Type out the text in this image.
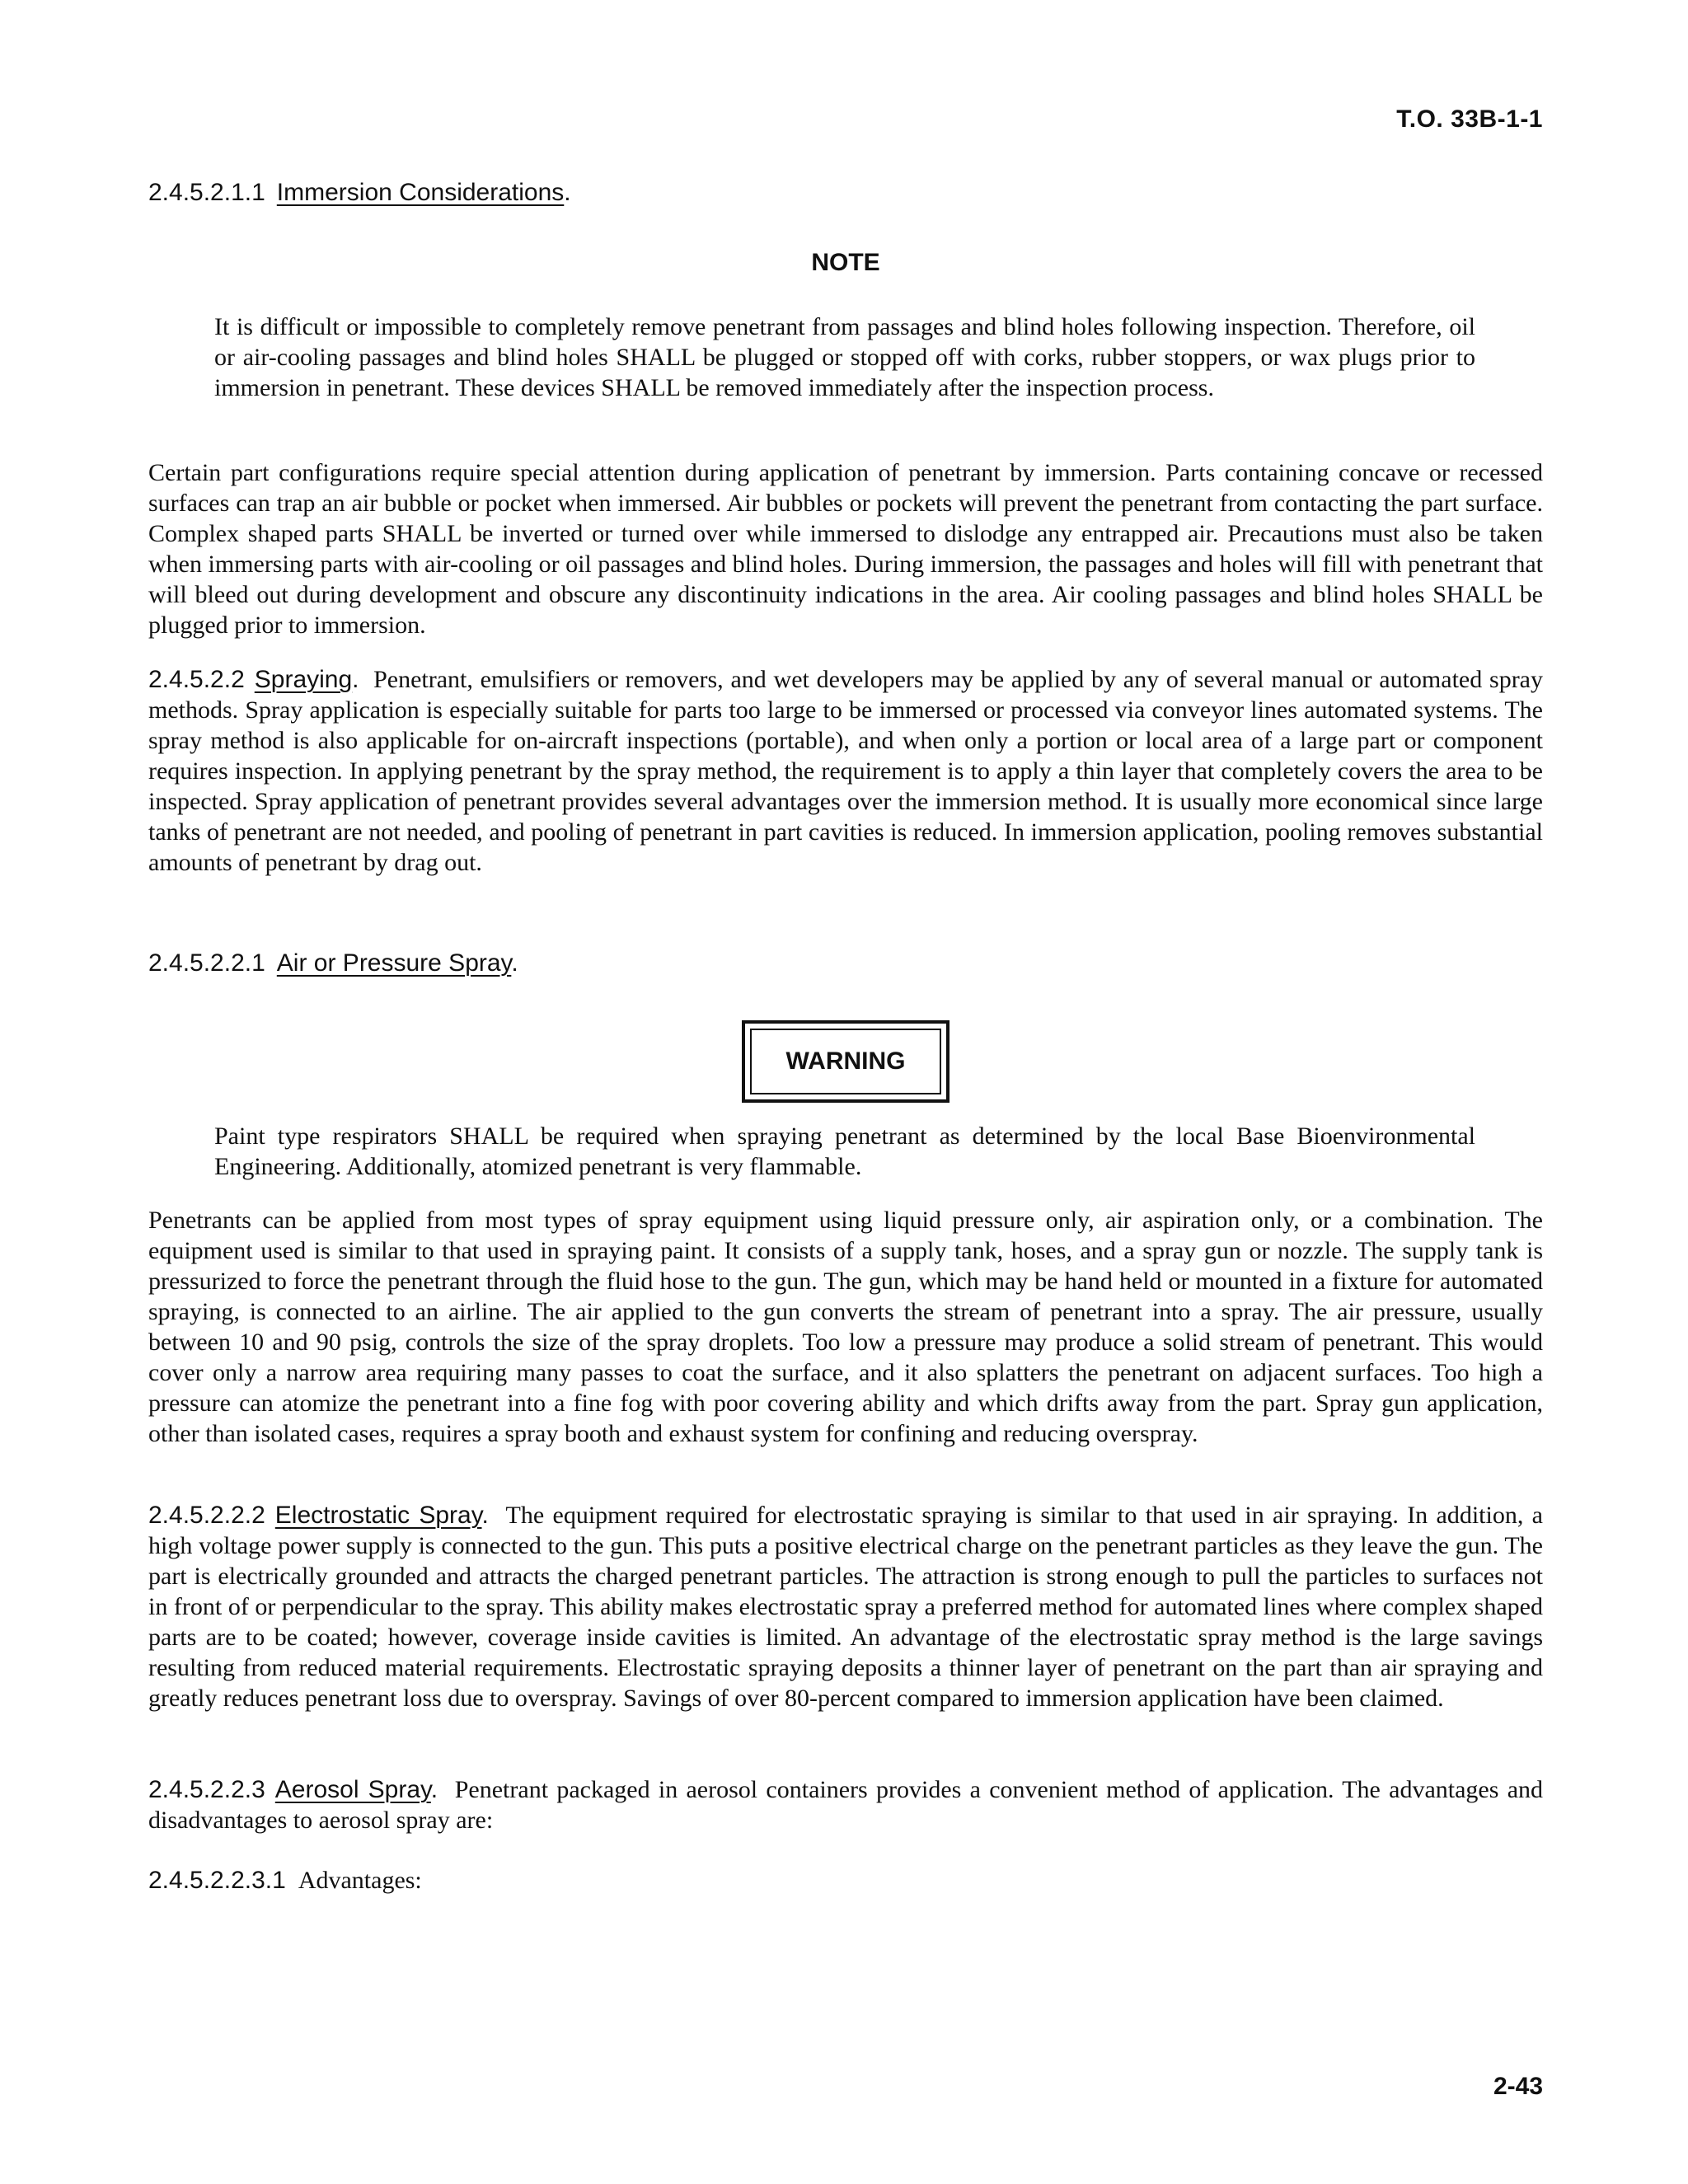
T.O. 33B-1-1

2.4.5.2.1.1 Immersion Considerations.

NOTE
It is difficult or impossible to completely remove penetrant from passages and blind holes following inspection. Therefore, oil or air-cooling passages and blind holes SHALL be plugged or stopped off with corks, rubber stoppers, or wax plugs prior to immersion in penetrant. These devices SHALL be removed immediately after the inspection process.
Certain part configurations require special attention during application of penetrant by immersion. Parts containing concave or recessed surfaces can trap an air bubble or pocket when immersed. Air bubbles or pockets will prevent the penetrant from contacting the part surface. Complex shaped parts SHALL be inverted or turned over while immersed to dislodge any entrapped air. Precautions must also be taken when immersing parts with air-cooling or oil passages and blind holes. During immersion, the passages and holes will fill with penetrant that will bleed out during development and obscure any discontinuity indications in the area. Air cooling passages and blind holes SHALL be plugged prior to immersion.
2.4.5.2.2 Spraying. Penetrant, emulsifiers or removers, and wet developers may be applied by any of several manual or automated spray methods. Spray application is especially suitable for parts too large to be immersed or processed via conveyor lines automated systems. The spray method is also applicable for on-aircraft inspections (portable), and when only a portion or local area of a large part or component requires inspection. In applying penetrant by the spray method, the requirement is to apply a thin layer that completely covers the area to be inspected. Spray application of penetrant provides several advantages over the immersion method. It is usually more economical since large tanks of penetrant are not needed, and pooling of penetrant in part cavities is reduced. In immersion application, pooling removes substantial amounts of penetrant by drag out.

2.4.5.2.2.1 Air or Pressure Spray.

WARNING
Paint type respirators SHALL be required when spraying penetrant as determined by the local Base Bioenvironmental Engineering. Additionally, atomized penetrant is very flammable.
Penetrants can be applied from most types of spray equipment using liquid pressure only, air aspiration only, or a combination. The equipment used is similar to that used in spraying paint. It consists of a supply tank, hoses, and a spray gun or nozzle. The supply tank is pressurized to force the penetrant through the fluid hose to the gun. The gun, which may be hand held or mounted in a fixture for automated spraying, is connected to an airline. The air applied to the gun converts the stream of penetrant into a spray. The air pressure, usually between 10 and 90 psig, controls the size of the spray droplets. Too low a pressure may produce a solid stream of penetrant. This would cover only a narrow area requiring many passes to coat the surface, and it also splatters the penetrant on adjacent surfaces. Too high a pressure can atomize the penetrant into a fine fog with poor covering ability and which drifts away from the part. Spray gun application, other than isolated cases, requires a spray booth and exhaust system for confining and reducing overspray.
2.4.5.2.2.2 Electrostatic Spray. The equipment required for electrostatic spraying is similar to that used in air spraying. In addition, a high voltage power supply is connected to the gun. This puts a positive electrical charge on the penetrant particles as they leave the gun. The part is electrically grounded and attracts the charged penetrant particles. The attraction is strong enough to pull the particles to surfaces not in front of or perpendicular to the spray. This ability makes electrostatic spray a preferred method for automated lines where complex shaped parts are to be coated; however, coverage inside cavities is limited. An advantage of the electrostatic spray method is the large savings resulting from reduced material requirements. Electrostatic spraying deposits a thinner layer of penetrant on the part than air spraying and greatly reduces penetrant loss due to overspray. Savings of over 80-percent compared to immersion application have been claimed.
2.4.5.2.2.3 Aerosol Spray. Penetrant packaged in aerosol containers provides a convenient method of application. The advantages and disadvantages to aerosol spray are:
2.4.5.2.2.3.1 Advantages:
2-43
